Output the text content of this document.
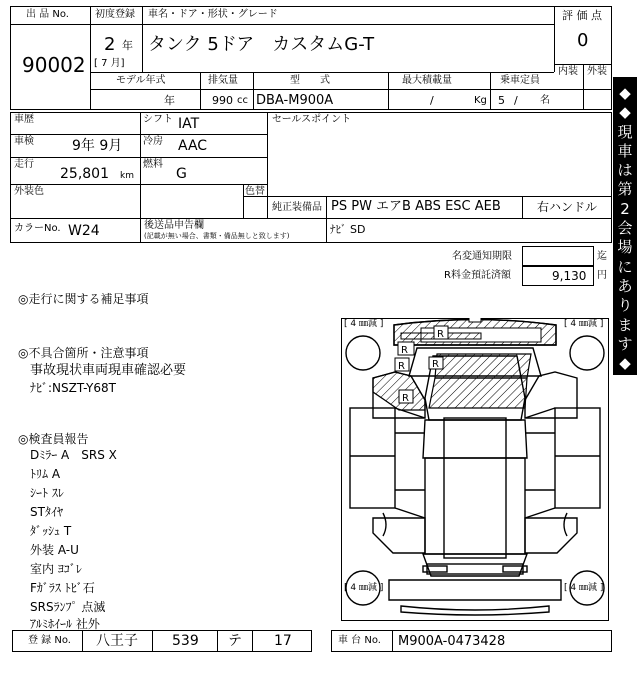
出 品 No.
90002
初度登録
2 年
[ 7 月]
車名・ドア・形状・グレード
タンク 5ドア　カスタムG-T
評 価 点
0
内装 外装
モデル年式
年
排気量
990 cc
型　　式
DBA-M900A
最大積載量
/	Kg
乗車定員
5 / 名
車歴	シフト IAT
車検	9年 9月 冷房 AAC
走行
25,801 km
燃料
G
外装色	色替
セールスポイント
純正装備品 PS PW エアB ABS ESC AEB	右ハンドル
カラーNo. W24	後送品申告欄
(記載が無い場合、書類・備品無しと致します)	ﾅﾋﾞ SD
名変通知期限	迄
R料金預託済額	9,130 円
◎走行に関する補足事項
◎不具合箇所・注意事項
事故現状車両現車確認必要
ﾅﾋﾞ:NSZT-Y68T
◎検査員報告
Dﾐﾗｰ A　SRS X
ﾄﾘﾑ A
ｼｰﾄ ｽﾚ
STﾀｲﾔ
ﾀﾞｯｼｭ T
外装 A-U
室内 ﾖｺﾞﾚ
Fｶﾞﾗｽ ﾄﾋﾞ石
SRSﾗﾝﾌﾟ 点滅
ｱﾙﾐﾎｲｰﾙ 社外
R
R
R
R
R
[ 4 ㎜減 ]	[ 4 ㎜減 ]
[ 4 ㎜減 ]	[ 4 ㎜減 ]
登 録 No. 八王子 539 テ 17	車 台 No. M900A-0473428
◆
◆
現
車
は
第
2
会
場
に
あ
り
ま
す
◆
◆
